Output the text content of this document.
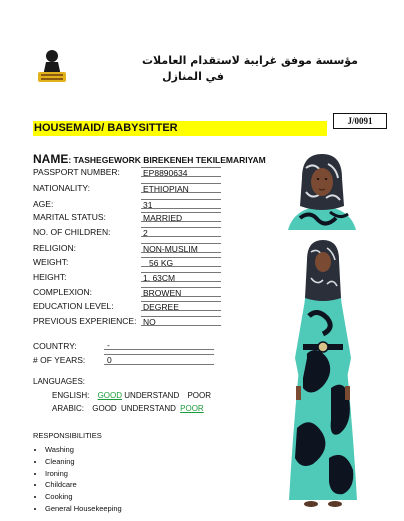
مؤسسة موفق غرايبة لاستقدام العاملات
في المنازل
J/0091
HOUSEMAID/ BABYSITTER
NAME: TASHEGEWORK BIREKENEH TEKILEMARIYAM
PASSPORT NUMBER:	EP8890634
NATIONALITY:	ETHIOPIAN
AGE:	31
MARITAL STATUS:	MARRIED
NO. OF CHILDREN:	2
RELIGION:	NON-MUSLIM
WEIGHT:	56 KG
HEIGHT:	1. 63CM
COMPLEXION:	BROWEN
EDUCATION LEVEL:	DEGREE
PREVIOUS EXPERIENCE: NO
COUNTRY:	-
# OF YEARS:	0
LANGUAGES:
ENGLISH: GOOD UNDERSTAND POOR
ARABIC: GOOD UNDERSTAND POOR
RESPONSIBILITIES
• Washing
• Cleaning
• Ironing
• Childcare
• Cooking
• General Housekeeping
